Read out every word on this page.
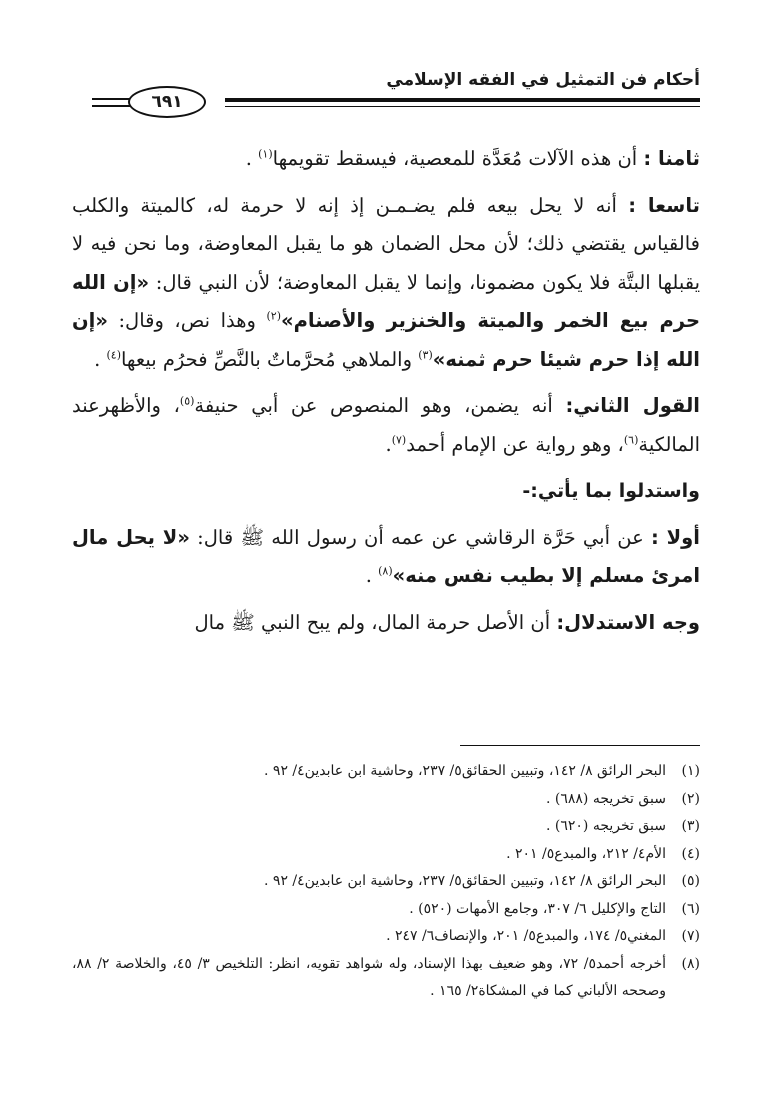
أحكام فن التمثيل في الفقه الإسلامي
٦٩١

ثامنا : أن هذه الآلات مُعَدَّة للمعصية، فيسقط تقويمها$^{(١)}$ .

تاسعا : أنه لا يحل بيعه فلم يضـمـن إذ إنه لا حرمة له، كالميتة والكلب فالقياس يقتضي ذلك؛ لأن محل الضمان هو ما يقبل المعاوضة، وما نحن فيه لا يقبلها البتَّة فلا يكون مضمونا، وإنما لا يقبل المعاوضة؛ لأن النبي قال: «إن الله حرم بيع الخمر والميتة والخنزير والأصنام»$^{(٢)}$ وهذا نص، وقال: «إن الله إذا حرم شيئا حرم ثمنه»$^{(٣)}$ والملاهي مُحرَّماتٌ بالنَّصِّ فحرُم بيعها$^{(٤)}$ .

القول الثاني: أنه يضمن، وهو المنصوص عن أبي حنيفة$^{(٥)}$، والأظهرعند المالكية$^{(٦)}$، وهو رواية عن الإمام أحمد$^{(٧)}$.

واستدلوا بما يأتي:-

أولا : عن أبي حَرَّة الرقاشي عن عمه أن رسول الله ﷺ قال: «لا يحل مال امرئ مسلم إلا بطيب نفس منه»$^{(٨)}$ .

وجه الاستدلال: أن الأصل حرمة المال، ولم يبح النبي ﷺ مال

(١)
البحر الرائق ٨/ ١٤٢، وتبيين الحقائق٥/ ٢٣٧، وحاشية ابن عابدين٤/ ٩٢ .
(٢)
سبق تخريجه (٦٨٨) .
(٣)
سبق تخريجه (٦٢٠) .
(٤)
الأم٤/ ٢١٢، والمبدع٥/ ٢٠١ .
(٥)
البحر الرائق ٨/ ١٤٢، وتبيين الحقائق٥/ ٢٣٧، وحاشية ابن عابدين٤/ ٩٢ .
(٦)
التاج والإكليل ٦/ ٣٠٧، وجامع الأمهات (٥٢٠) .
(٧)
المغني٥/ ١٧٤، والمبدع٥/ ٢٠١، والإنصاف٦/ ٢٤٧ .
(٨)
أخرجه أحمد٥/ ٧٢، وهو ضعيف بهذا الإسناد، وله شواهد تقويه، انظر: التلخيص ٣/ ٤٥، والخلاصة ٢/ ٨٨، وصححه الألباني كما في المشكاة٢/ ١٦٥ .
